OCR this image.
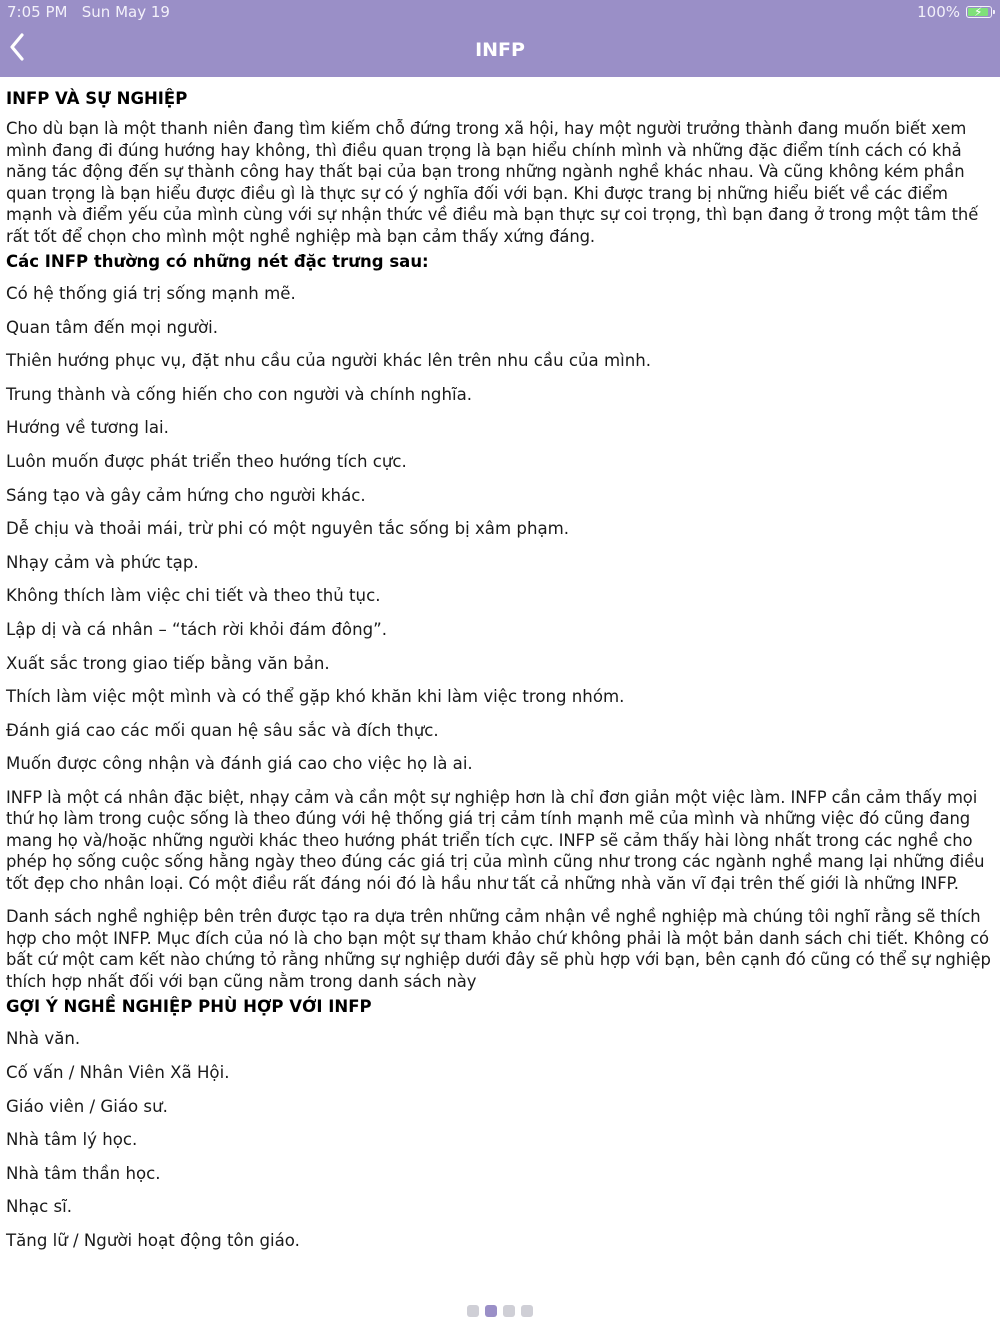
7:05 PM Sun May 19	100% ⚡
INFP
INFP VÀ SỰ NGHIỆP
Cho dù bạn là một thanh niên đang tìm kiếm chỗ đứng trong xã hội, hay một người trưởng thành đang muốn biết xem mình đang đi đúng hướng hay không, thì điều quan trọng là bạn hiểu chính mình và những đặc điểm tính cách có khả năng tác động đến sự thành công hay thất bại của bạn trong những ngành nghề khác nhau. Và cũng không kém phần quan trọng là bạn hiểu được điều gì là thực sự có ý nghĩa đối với bạn. Khi được trang bị những hiểu biết về các điểm mạnh và điểm yếu của mình cùng với sự nhận thức về điều mà bạn thực sự coi trọng, thì bạn đang ở trong một tâm thế rất tốt để chọn cho mình một nghề nghiệp mà bạn cảm thấy xứng đáng.
Các INFP thường có những nét đặc trưng sau:
Có hệ thống giá trị sống mạnh mẽ.
Quan tâm đến mọi người.
Thiên hướng phục vụ, đặt nhu cầu của người khác lên trên nhu cầu của mình.
Trung thành và cống hiến cho con người và chính nghĩa.
Hướng về tương lai.
Luôn muốn được phát triển theo hướng tích cực.
Sáng tạo và gây cảm hứng cho người khác.
Dễ chịu và thoải mái, trừ phi có một nguyên tắc sống bị xâm phạm.
Nhạy cảm và phức tạp.
Không thích làm việc chi tiết và theo thủ tục.
Lập dị và cá nhân – “tách rời khỏi đám đông”.
Xuất sắc trong giao tiếp bằng văn bản.
Thích làm việc một mình và có thể gặp khó khăn khi làm việc trong nhóm.
Đánh giá cao các mối quan hệ sâu sắc và đích thực.
Muốn được công nhận và đánh giá cao cho việc họ là ai.
INFP là một cá nhân đặc biệt, nhạy cảm và cần một sự nghiệp hơn là chỉ đơn giản một việc làm. INFP cần cảm thấy mọi thứ họ làm trong cuộc sống là theo đúng với hệ thống giá trị cảm tính mạnh mẽ của mình và những việc đó cũng đang mang họ và/hoặc những người khác theo hướng phát triển tích cực. INFP sẽ cảm thấy hài lòng nhất trong các nghề cho phép họ sống cuộc sống hằng ngày theo đúng các giá trị của mình cũng như trong các ngành nghề mang lại những điều tốt đẹp cho nhân loại. Có một điều rất đáng nói đó là hầu như tất cả những nhà văn vĩ đại trên thế giới là những INFP.
Danh sách nghề nghiệp bên trên được tạo ra dựa trên những cảm nhận về nghề nghiệp mà chúng tôi nghĩ rằng sẽ thích hợp cho một INFP. Mục đích của nó là cho bạn một sự tham khảo chứ không phải là một bản danh sách chi tiết. Không có bất cứ một cam kết nào chứng tỏ rằng những sự nghiệp dưới đây sẽ phù hợp với bạn, bên cạnh đó cũng có thể sự nghiệp thích hợp nhất đối với bạn cũng nằm trong danh sách này
GỢI Ý NGHỀ NGHIỆP PHÙ HỢP VỚI INFP
Nhà văn.
Cố vấn / Nhân Viên Xã Hội.
Giáo viên / Giáo sư.
Nhà tâm lý học.
Nhà tâm thần học.
Nhạc sĩ.
Tăng lữ / Người hoạt động tôn giáo.
